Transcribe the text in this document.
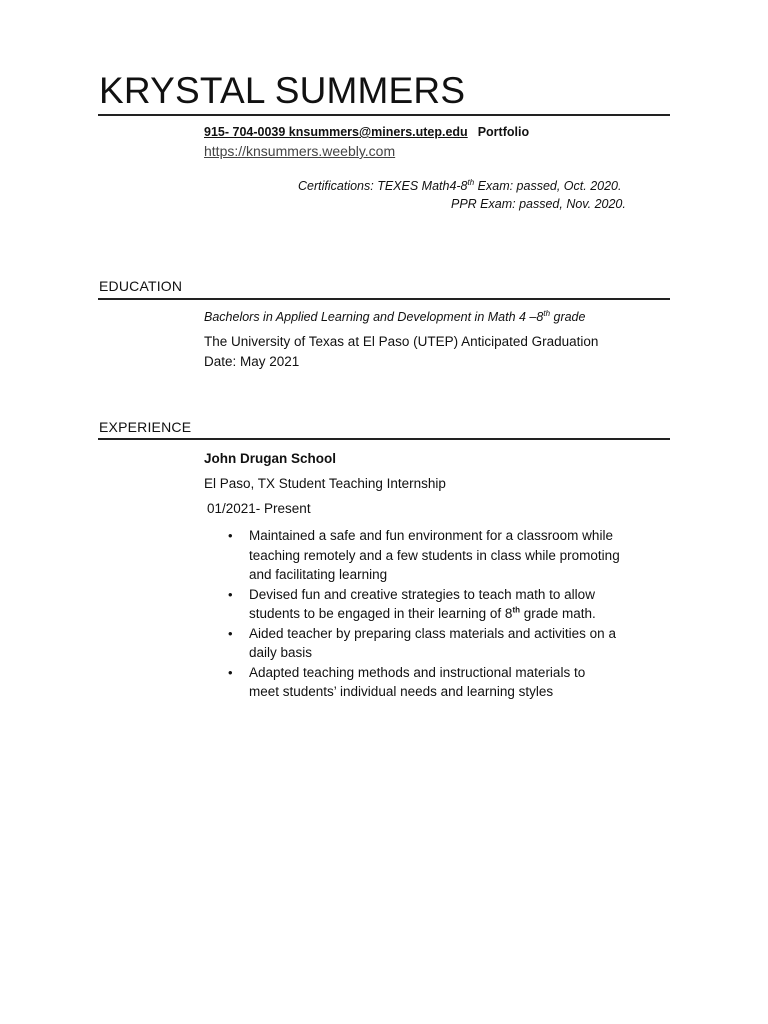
KRYSTAL SUMMERS
915- 704-0039 knsummers@miners.utep.edu Portfolio
https://knsummers.weebly.com
Certifications: TEXES Math4-8th Exam: passed, Oct. 2020.
PPR Exam: passed, Nov. 2020.
EDUCATION
Bachelors in Applied Learning and Development in Math 4 –8th grade
The University of Texas at El Paso (UTEP) Anticipated Graduation
Date: May 2021
EXPERIENCE
John Drugan School
El Paso, TX Student Teaching Internship
01/2021- Present
• Maintained a safe and fun environment for a classroom while
teaching remotely and a few students in class while promoting
and facilitating learning
• Devised fun and creative strategies to teach math to allow
students to be engaged in their learning of 8th grade math.
• Aided teacher by preparing class materials and activities on a
daily basis
• Adapted teaching methods and instructional materials to
meet students’ individual needs and learning styles
